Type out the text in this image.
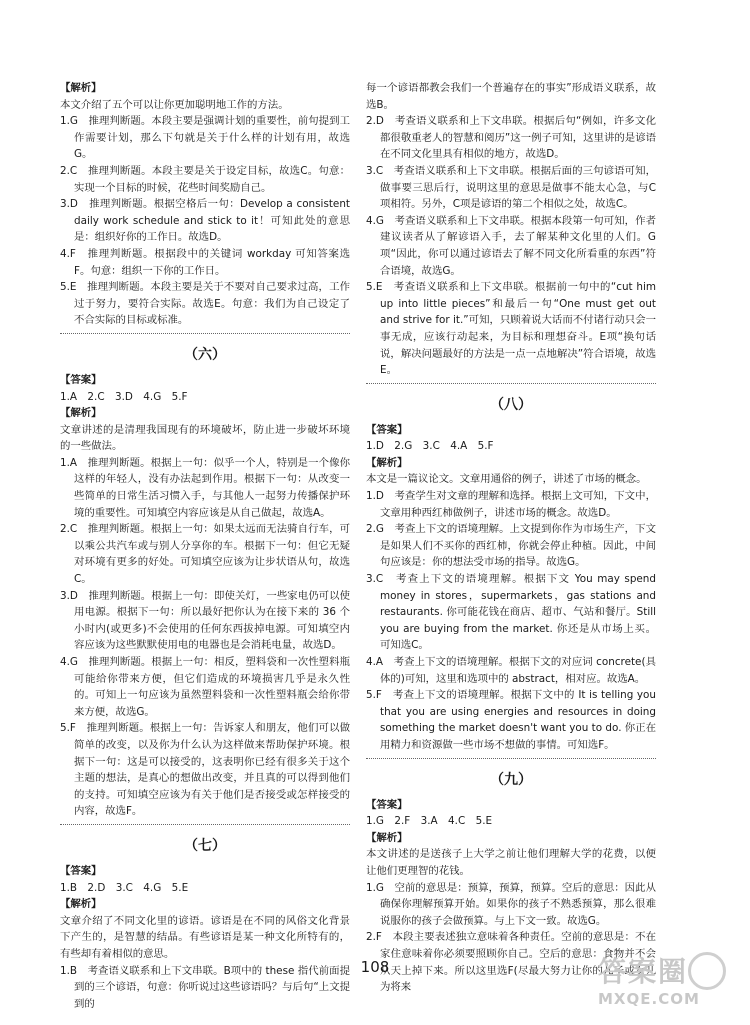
【解析】

本文介绍了五个可以让你更加聪明地工作的方法。

1.G　推理判断题。本段主要是强调计划的重要性，前句提到工作需要计划，那么下句就是关于什么样的计划有用，故选G。

2.C　推理判断题。本段主要是关于设定目标，故选C。句意：实现一个目标的时候，花些时间奖励自己。

3.D　推理判断题。根据空格后一句：Develop a consistent daily work schedule and stick to it！可知此处的意思是：组织好你的工作日。故选D。

4.F　推理判断题。根据段中的关键词 workday 可知答案选F。句意：组织一下你的工作日。

5.E　推理判断题。本段主要是关于不要对自己要求过高，工作过于努力，要符合实际。故选E。句意：我们为自己设定了不合实际的目标或标准。

（六）

【答案】

1.A　2.C　3.D　4.G　5.F

【解析】

文章讲述的是清理我国现有的环境破坏，防止进一步破坏环境的一些做法。

1.A　推理判断题。根据上一句：似乎一个人，特别是一个像你这样的年轻人，没有办法起到作用。根据下一句：从改变一些简单的日常生活习惯入手，与其他人一起努力传播保护环境的重要性。可知填空内容应该是从自己做起，故选A。

2.C　推理判断题。根据上一句：如果太远而无法骑自行车，可以乘公共汽车或与别人分享你的车。根据下一句：但它无疑对环境有更多的好处。可知填空应该为让步状语从句，故选C。

3.D　推理判断题。根据上一句：即使关灯，一些家电仍可以使用电源。根据下一句：所以最好把你认为在接下来的 36 个小时内(或更多)不会使用的任何东西拔掉电源。可知填空内容应该为这些默默使用电的电器也是会消耗电量，故选D。

4.G　推理判断题。根据上一句：相反，塑料袋和一次性塑料瓶可能给你带来方便，但它们造成的环境损害几乎是永久性的。可知上一句应该为虽然塑料袋和一次性塑料瓶会给你带来方便，故选G。

5.F　推理判断题。根据上一句：告诉家人和朋友，他们可以做简单的改变，以及你为什么认为这样做来帮助保护环境。根据下一句：这是可以接受的，这表明你已经有很多关于这个主题的想法，是真心的想做出改变，并且真的可以得到他们的支持。可知填空应该为有关于他们是否接受或怎样接受的内容，故选F。

（七）

【答案】

1.B　2.D　3.C　4.G　5.E

【解析】

文章介绍了不同文化里的谚语。谚语是在不同的风俗文化背景下产生的，是智慧的结晶。有些谚语是某一种文化所特有的，有些却有着相似的意思。

1.B　考查语义联系和上下文串联。B项中的 these 指代前面提到的三个谚语，句意：你听说过这些谚语吗？与后句“上文提到的

每一个谚语都教会我们一个普遍存在的事实”形成语义联系，故选B。

2.D　考查语义联系和上下文串联。根据后句“例如，许多文化都很敬重老人的智慧和阅历”这一例子可知，这里讲的是谚语在不同文化里具有相似的地方，故选D。

3.C　考查语义联系和上下文串联。根据后面的三句谚语可知，做事要三思后行，说明这里的意思是做事不能太心急，与C项相符。另外，C项是谚语的第二个相似之处，故选C。

4.G　考查语义联系和上下文串联。根据本段第一句可知，作者建议读者从了解谚语入手，去了解某种文化里的人们。G项“因此，你可以通过谚语去了解不同文化所看重的东西”符合语境，故选G。

5.E　考查语义联系和上下文串联。根据前一句中的“cut him up into little pieces”和最后一句“One must get out and strive for it.”可知，只顾着说大话而不付诸行动只会一事无成，应该行动起来，为目标和理想奋斗。E项“换句话说，解决问题最好的方法是一点一点地解决”符合语境，故选E。

（八）

【答案】

1.D　2.G　3.C　4.A　5.F

【解析】

本文是一篇议论文。文章用通俗的例子，讲述了市场的概念。

1.D　考查学生对文章的理解和选择。根据上文可知，下文中，文章用种西红柿做例子，讲述市场的概念。故选D。

2.G　考查上下文的语境理解。上文提到你作为市场生产，下文是如果人们不买你的西红柿，你就会停止种植。因此，中间句应该是：你的想法受市场的指导。故选G。

3.C　考查上下文的语境理解。根据下文 You may spend money in stores，supermarkets，gas stations and restaurants. 你可能花钱在商店、超市、气站和餐厅。Still you are buying from the market. 你还是从市场上买。可知选C。

4.A　考查上下文的语境理解。根据下文的对应词 concrete(具体的)可知，这里和选项中的 abstract，相对应。故选A。

5.F　考查上下文的语境理解。根据下文中的 It is telling you that you are using energies and resources in doing something the market doesn't want you to do. 你正在用精力和资源做一些市场不想做的事情。可知选F。

（九）

【答案】

1.G　2.F　3.A　4.C　5.E

【解析】

本文讲述的是送孩子上大学之前让他们理解大学的花费，以便让他们更理智的花钱。

1.G　空前的意思是：预算，预算，预算。空后的意思：因此从确保你理解预算开始。如果你的孩子不熟悉预算，那么很难说服你的孩子会做预算。与上下文一致。故选G。

2.F　本段主要表述独立意味着各种责任。空前的意思是：不在家住意味着你必须要照顾你自己。空后的意思：食物并不会从天上掉下来。所以这里选F(尽最大努力让你的儿子或女儿为将来

108	答案圈
MXQE.COM
